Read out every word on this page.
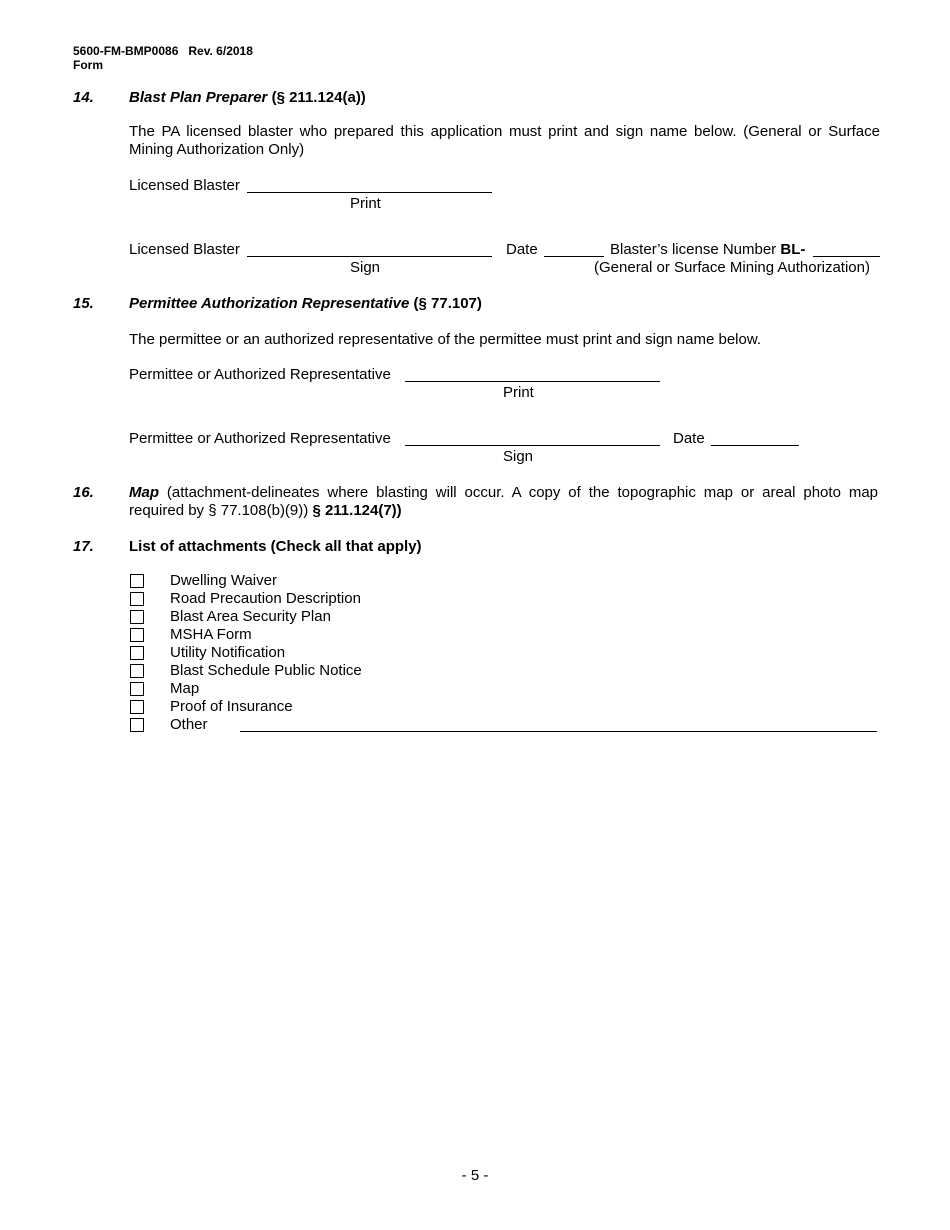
5600-FM-BMP0086 Rev. 6/2018
Form
14. Blast Plan Preparer (§ 211.124(a))
The PA licensed blaster who prepared this application must print and sign name below. (General or Surface Mining Authorization Only)
Licensed Blaster
Print
Licensed Blaster
Sign
Date	Blaster’s license Number BL-
(General or Surface Mining Authorization)
15. Permittee Authorization Representative (§ 77.107)
The permittee or an authorized representative of the permittee must print and sign name below.
Permittee or Authorized Representative
Print
Permittee or Authorized Representative
Sign
Date
16. Map (attachment-delineates where blasting will occur. A copy of the topographic map or areal photo map required by § 77.108(b)(9)) § 211.124(7))
17. List of attachments (Check all that apply)
Dwelling Waiver
Road Precaution Description
Blast Area Security Plan
MSHA Form
Utility Notification
Blast Schedule Public Notice
Map
Proof of Insurance
Other
- 5 -
